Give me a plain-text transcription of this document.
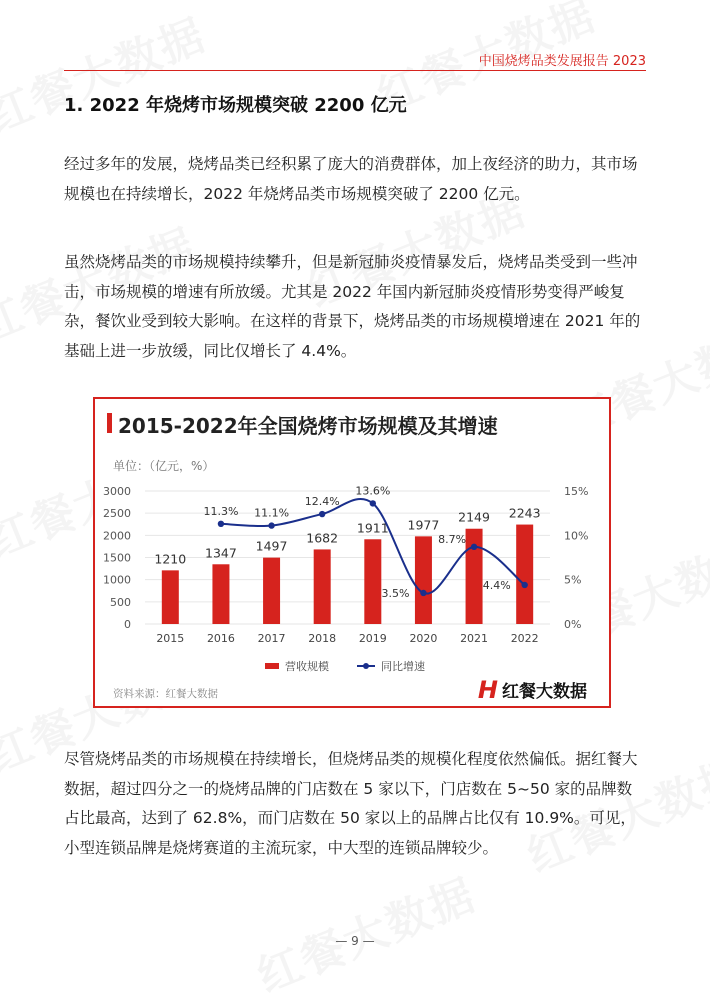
中国烧烤品类发展报告 2023
1. 2022 年烧烤市场规模突破 2200 亿元
经过多年的发展，烧烤品类已经积累了庞大的消费群体，加上夜经济的助力，其市场规模也在持续增长，2022 年烧烤品类市场规模突破了 2200 亿元。
虽然烧烤品类的市场规模持续攀升，但是新冠肺炎疫情暴发后，烧烤品类受到一些冲击，市场规模的增速有所放缓。尤其是 2022 年国内新冠肺炎疫情形势变得严峻复杂，餐饮业受到较大影响。在这样的背景下，烧烤品类的市场规模增速在 2021 年的基础上进一步放缓，同比仅增长了 4.4%。
2015-2022年全国烧烤市场规模及其增速
单位：（亿元，%）
0
500
1000
1500
2000
2500
3000
0%
5%
10%
15%
2015 2016 2017 2018 2019 2020 2021 2022
1210 1347 1497
1682
1911 1977
2149 2243
11.3% 11.1%
12.4%
13.6%
3.5%
8.7%
4.4%
营收规模	同比增速
资料来源：红餐大数据	H 红餐大数据
尽管烧烤品类的市场规模在持续增长，但烧烤品类的规模化程度依然偏低。据红餐大数据，超过四分之一的烧烤品牌的门店数在 5 家以下，门店数在 5~50 家的品牌数占比最高，达到了 62.8%，而门店数在 50 家以上的品牌占比仅有 10.9%。可见，小型连锁品牌是烧烤赛道的主流玩家，中大型的连锁品牌较少。
— 9 —
